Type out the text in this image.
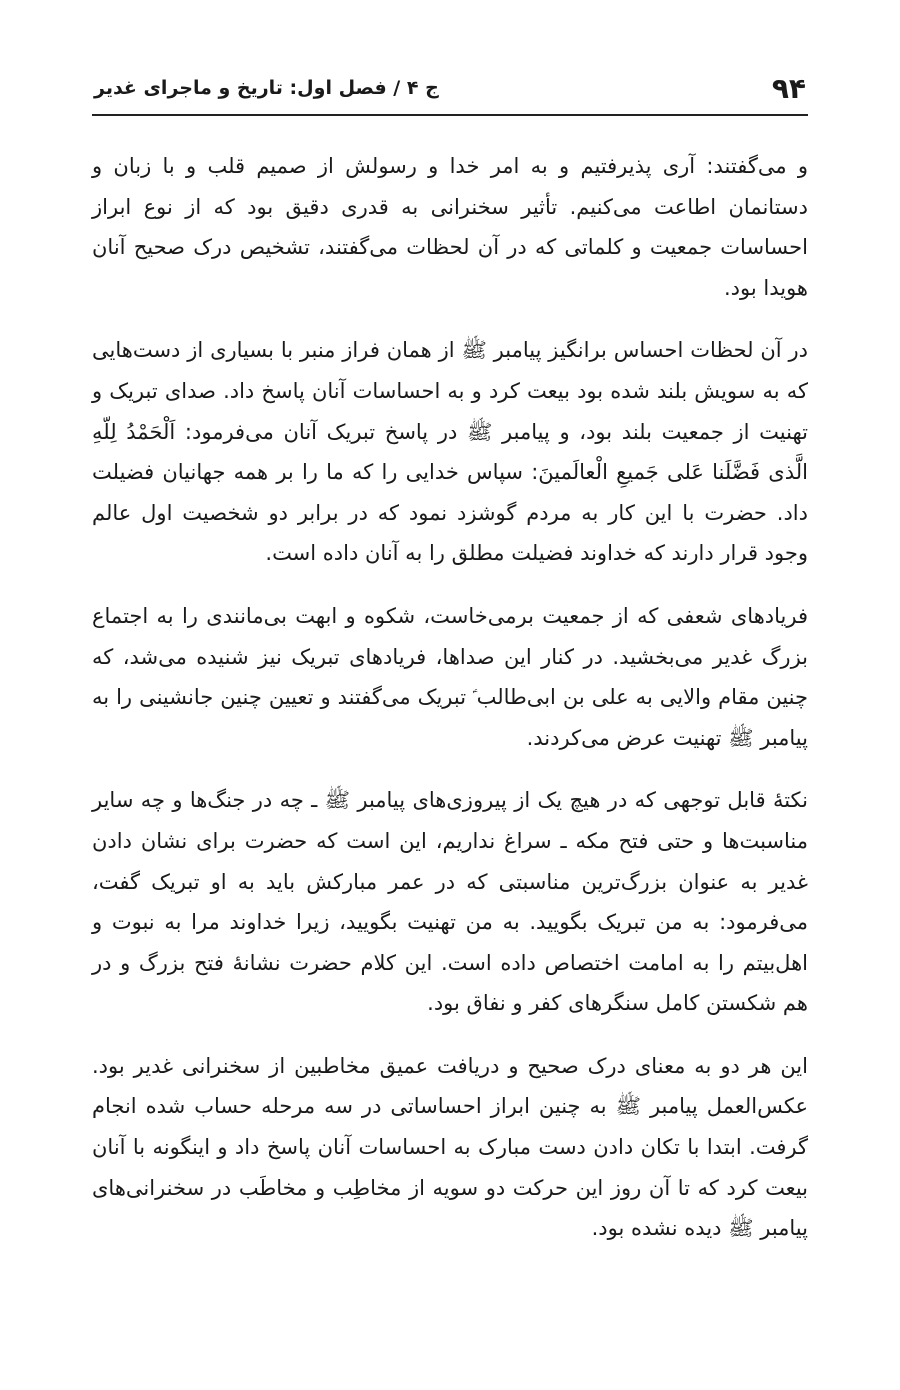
ج ۴ / فصل اول: تاریخ و ماجرای غدیر	۹۴

و می‌گفتند: آری پذیرفتیم و به امر خدا و رسولش از صمیم قلب و با زبان و دستانمان اطاعت می‌کنیم. تأثیر سخنرانی به قدری دقیق بود که از نوع ابراز احساسات جمعیت و کلماتی که در آن لحظات می‌گفتند، تشخیص درک صحیح آنان هویدا بود.

در آن لحظات احساس برانگیز پیامبر ﷺ از همان فراز منبر با بسیاری از دست‌هایی که به سویش بلند شده بود بیعت کرد و به احساسات آنان پاسخ داد. صدای تبریک و تهنیت از جمعیت بلند بود، و پیامبر ﷺ در پاسخ تبریک آنان می‌فرمود: اَلْحَمْدُ لِلّهِ الَّذی فَضَّلَنا عَلی جَمیعِ الْعالَمینَ: سپاس خدایی را که ما را بر همه جهانیان فضیلت داد. حضرت با این کار به مردم گوشزد نمود که در برابر دو شخصیت اول عالم وجود قرار دارند که خداوند فضیلت مطلق را به آنان داده است.

فریادهای شعفی که از جمعیت برمی‌خاست، شکوه و ابهت بی‌مانندی را به اجتماع بزرگ غدیر می‌بخشید. در کنار این صداها، فریادهای تبریک نیز شنیده می‌شد، که چنین مقام والایی به علی بن ابی‌طالب ؑ تبریک می‌گفتند و تعیین چنین جانشینی را به پیامبر ﷺ تهنیت عرض می‌کردند.

نکتهٔ قابل توجهی که در هیچ یک از پیروزی‌های پیامبر ﷺ ـ چه در جنگ‌ها و چه سایر مناسبت‌ها و حتی فتح مکه ـ سراغ نداریم، این است که حضرت برای نشان دادن غدیر به عنوان بزرگ‌ترین مناسبتی که در عمر مبارکش باید به او تبریک گفت، می‌فرمود: به من تبریک بگویید. به من تهنیت بگویید، زیرا خداوند مرا به نبوت و اهل‌بیتم را به امامت اختصاص داده است. این کلام حضرت نشانهٔ فتح بزرگ و در هم شکستن کامل سنگرهای کفر و نفاق بود.

این هر دو به معنای درک صحیح و دریافت عمیق مخاطبین از سخنرانی غدیر بود. عکس‌العمل پیامبر ﷺ به چنین ابراز احساساتی در سه مرحله حساب شده انجام گرفت. ابتدا با تکان دادن دست مبارک به احساسات آنان پاسخ داد و اینگونه با آنان بیعت کرد که تا آن روز این حرکت دو سویه از مخاطِب و مخاطَب در سخنرانی‌های پیامبر ﷺ دیده نشده بود.
